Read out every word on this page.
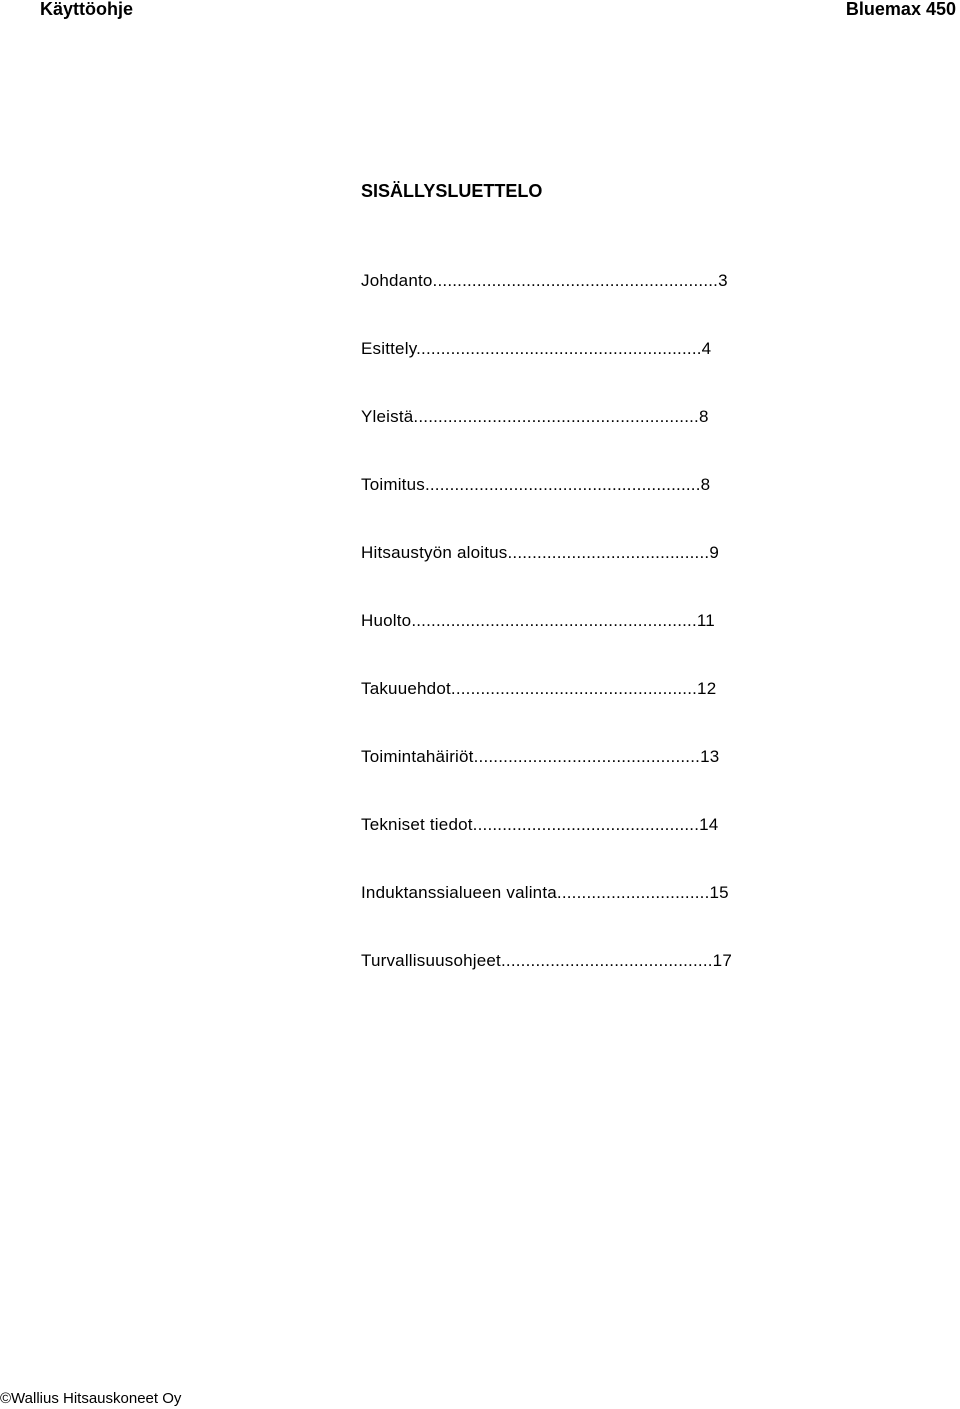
Käyttöohje	Bluemax 450
SISÄLLYSLUETTELO
Johdanto..........................................................3
Esittely..........................................................4
Yleistä..........................................................8
Toimitus........................................................8
Hitsaustyön aloitus.........................................9
Huolto..........................................................11
Takuuehdot..................................................12
Toimintahäiriöt..............................................13
Tekniset tiedot..............................................14
Induktanssialueen valinta...............................15
Turvallisuusohjeet...........................................17
©Wallius Hitsauskoneet Oy
